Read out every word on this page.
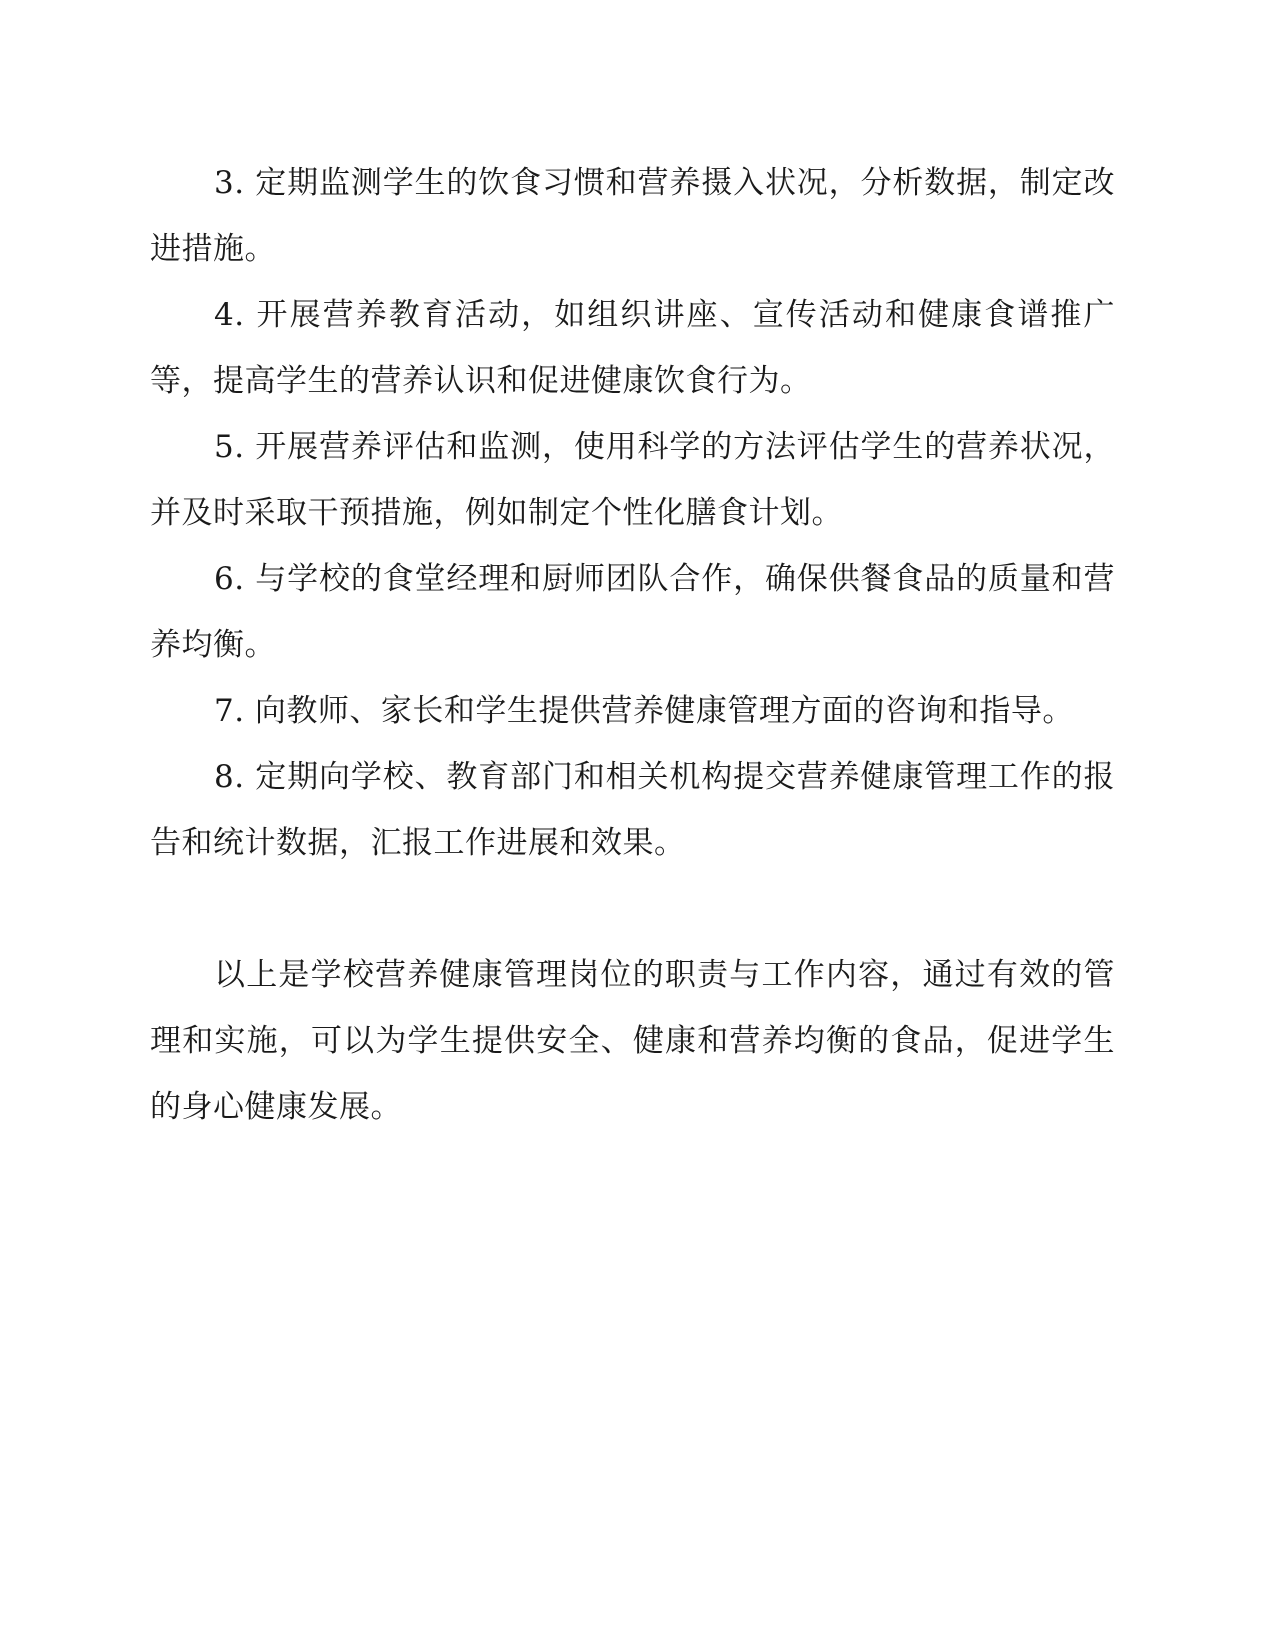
3. 定期监测学生的饮食习惯和营养摄入状况，分析数据，制定改进措施。

4. 开展营养教育活动，如组织讲座、宣传活动和健康食谱推广等，提高学生的营养认识和促进健康饮食行为。

5. 开展营养评估和监测，使用科学的方法评估学生的营养状况，并及时采取干预措施，例如制定个性化膳食计划。

6. 与学校的食堂经理和厨师团队合作，确保供餐食品的质量和营养均衡。

7. 向教师、家长和学生提供营养健康管理方面的咨询和指导。

8. 定期向学校、教育部门和相关机构提交营养健康管理工作的报告和统计数据，汇报工作进展和效果。

以上是学校营养健康管理岗位的职责与工作内容，通过有效的管理和实施，可以为学生提供安全、健康和营养均衡的食品，促进学生的身心健康发展。
